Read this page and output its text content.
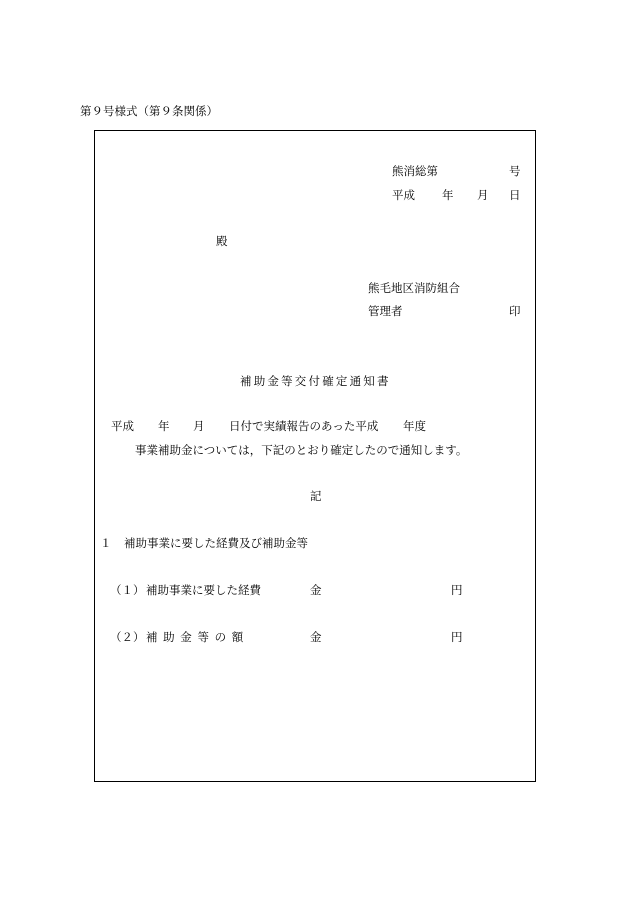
第９号様式（第９条関係）
熊消総第	号
平成 年 月 日
殿
熊毛地区消防組合
管理者	印
補助金等交付確定通知書
平成 年 月 日付で実績報告のあった平成 年度
事業補助金については，下記のとおり確定したので通知します。
記
１ 補助事業に要した経費及び補助金等
（１） 補助事業に要した経費	金	円
（２） 補 助 金 等 の 額	金	円
